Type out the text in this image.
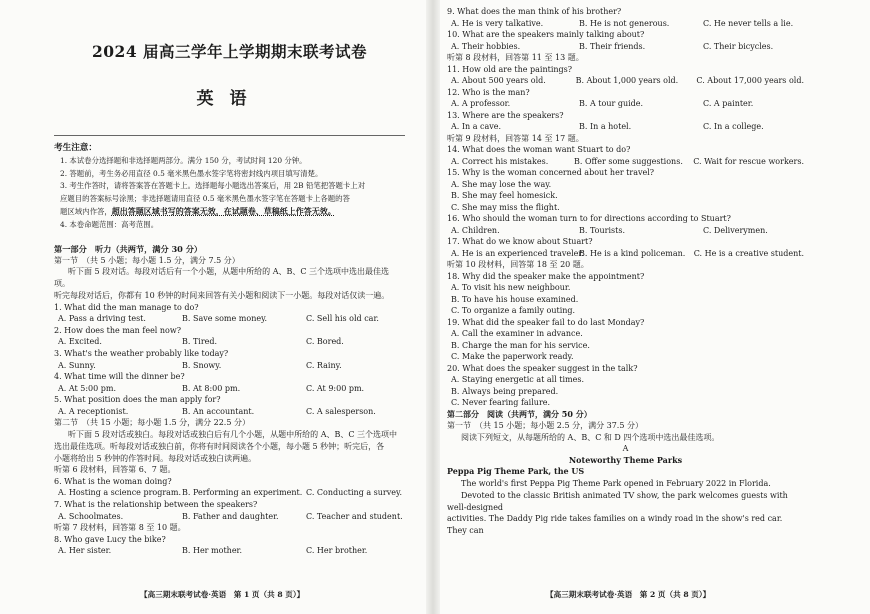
2024 届高三学年上学期期末联考试卷
英语
考生注意：
1. 本试卷分选择题和非选择题两部分。满分 150 分，考试时间 120 分钟。
2. 答题前，考生务必用直径 0.5 毫米黑色墨水签字笔将密封线内项目填写清楚。
3. 考生作答时，请将答案答在答题卡上。选择题每小题选出答案后，用 2B 铅笔把答题卡上对
应题目的答案标号涂黑；非选择题请用直径 0.5 毫米黑色墨水签字笔在答题卡上各题的答
题区域内作答，超出答题区域书写的答案无效，在试题卷、草稿纸上作答无效。
4. 本卷命题范围：高考范围。
第一部分　听力（共两节，满分 30 分）
第一节　（共 5 小题；每小题 1.5 分，满分 7.5 分）
听下面 5 段对话。每段对话后有一个小题，从题中所给的 A、B、C 三个选项中选出最佳选项。
听完每段对话后，你都有 10 秒钟的时间来回答有关小题和阅读下一小题。每段对话仅读一遍。
1. What did the man manage to do?
A. Pass a driving test.	B. Save some money.	C. Sell his old car.
2. How does the man feel now?
A. Excited.	B. Tired.	C. Bored.
3. What's the weather probably like today?
A. Sunny.	B. Snowy.	C. Rainy.
4. What time will the dinner be?
A. At 5:00 pm.	B. At 8:00 pm.	C. At 9:00 pm.
5. What position does the man apply for?
A. A receptionist.	B. An accountant.	C. A salesperson.
第二节　（共 15 小题；每小题 1.5 分，满分 22.5 分）
听下面 5 段对话或独白。每段对话或独白后有几个小题，从题中所给的 A、B、C 三个选项中
选出最佳选项。听每段对话或独白前，你将有时间阅读各个小题，每小题 5 秒钟；听完后，各
小题将给出 5 秒钟的作答时间。每段对话或独白读两遍。
听第 6 段材料，回答第 6、7 题。
6. What is the woman doing?
A. Hosting a science program. B. Performing an experiment. C. Conducting a survey.
7. What is the relationship between the speakers?
A. Schoolmates.	B. Father and daughter.	C. Teacher and student.
听第 7 段材料，回答第 8 至 10 题。
8. Who gave Lucy the bike?
A. Her sister.	B. Her mother.	C. Her brother.
9. What does the man think of his brother?
A. He is very talkative.	B. He is not generous.	C. He never tells a lie.
10. What are the speakers mainly talking about?
A. Their hobbies.	B. Their friends.	C. Their bicycles.
听第 8 段材料，回答第 11 至 13 题。
11. How old are the paintings?
A. About 500 years old.	B. About 1,000 years old.	C. About 17,000 years old.
12. Who is the man?
A. A professor.	B. A tour guide.	C. A painter.
13. Where are the speakers?
A. In a cave.	B. In a hotel.	C. In a college.
听第 9 段材料，回答第 14 至 17 题。
14. What does the woman want Stuart to do?
A. Correct his mistakes.	B. Offer some suggestions.	C. Wait for rescue workers.
15. Why is the woman concerned about her travel?
A. She may lose the way.
B. She may feel homesick.
C. She may miss the flight.
16. Who should the woman turn to for directions according to Stuart?
A. Children.	B. Tourists.	C. Deliverymen.
17. What do we know about Stuart?
A. He is an experienced traveler.
B. He is a kind policeman.	C. He is a creative student.
听第 10 段材料，回答第 18 至 20 题。
18. Why did the speaker make the appointment?
A. To visit his new neighbour.
B. To have his house examined.
C. To organize a family outing.
19. What did the speaker fail to do last Monday?
A. Call the examiner in advance.
B. Charge the man for his service.
C. Make the paperwork ready.
20. What does the speaker suggest in the talk?
A. Staying energetic at all times.
B. Always being prepared.
C. Never fearing failure.
第二部分　阅读（共两节，满分 50 分）
第一节　（共 15 小题；每小题 2.5 分，满分 37.5 分）
阅读下列短文，从每题所给的 A、B、C 和 D 四个选项中选出最佳选项。
A
Noteworthy Theme Parks
Peppa Pig Theme Park, the US
The world's first Peppa Pig Theme Park opened in February 2022 in Florida.
Devoted to the classic British animated TV show, the park welcomes guests with well-designed
activities. The Daddy Pig ride takes families on a windy road in the show's red car. They can
【高三期末联考试卷·英语　第 1 页（共 8 页）】	【高三期末联考试卷·英语　第 2 页（共 8 页）】
